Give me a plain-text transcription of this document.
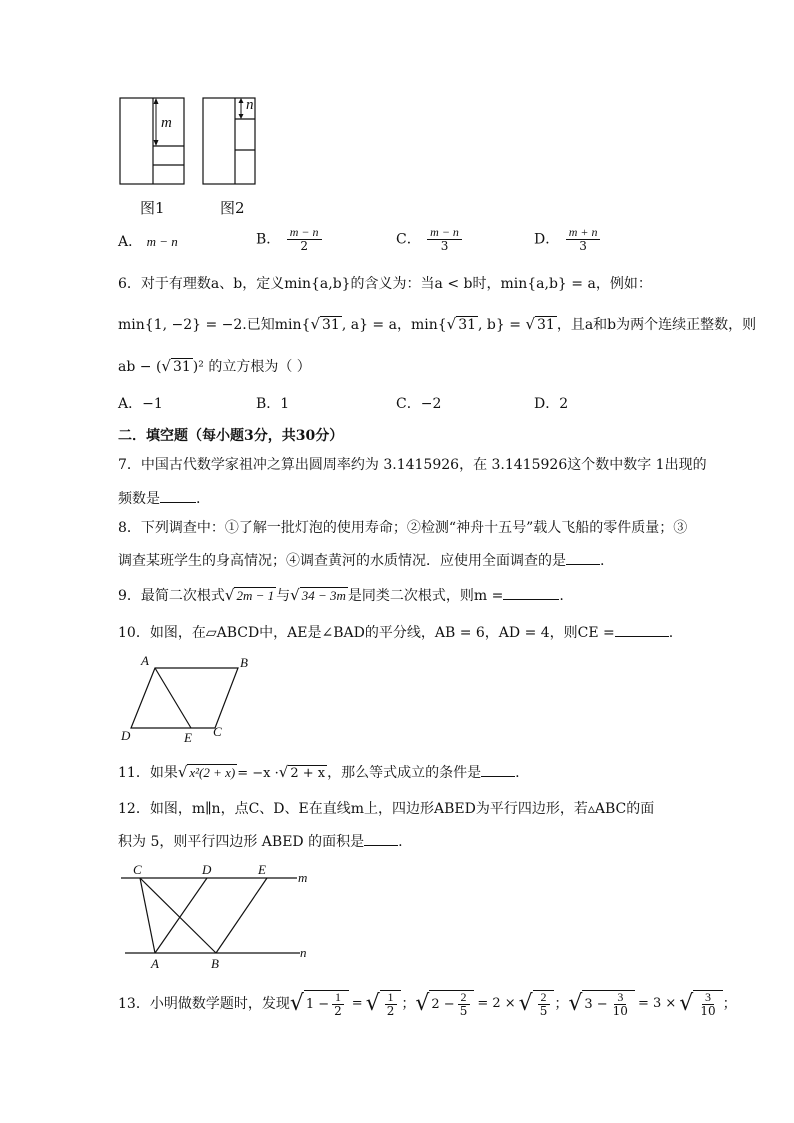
m
n
图1	图2
A． m − n	B． $\frac{m - n}{2}$	C． $\frac{m - n}{3}$	D． $\frac{m + n}{3}$
6．对于有理数a、b，定义min{a,b}的含义为：当a < b时，min{a,b} = a，例如：
min{1, −2} = −2.已知min{√ 31 , a} = a，min{√ 31 , b} = √ 31 ，且a和b为两个连续正整数，则
ab − (√ 31 )² 的立方根为（ ）
A．−1	B．1	C．−2	D．2
二．填空题（每小题3分，共30分）
7．中国古代数学家祖冲之算出圆周率约为 3.1415926，在 3.1415926这个数中数字 1出现的
频数是	.
8．下列调查中：①了解一批灯泡的使用寿命；②检测“神舟十五号”载人飞船的零件质量；③
调查某班学生的身高情况；④调查黄河的水质情况．应使用全面调查的是 .
9．最简二次根式√ 2m − 1 与√ 34 − 3m 是同类二次根式，则m =	.
10．如图，在▱ABCD中，AE是∠BAD的平分线，AB = 6，AD = 4，则CE =	.
A	B
C
D	E
11．如果√ x²(2 + x) = −x ·√ 2 + x ，那么等式成立的条件是 .
12．如图，m∥n，点C、D、E在直线m上，四边形ABED为平行四边形，若▵ABC的面
积为 5，则平行四边形 ABED 的面积是 .
C	D	E
m
n
A	B
13．小明做数学题时，发现 √ $1 - \frac{1}{2}$ = √ $\frac{1}{2}$ ； √ $2 - \frac{2}{5} = 2$ × √ $\frac{2}{5}$ ； √ $3 - \frac{3}{10} = 3$ × √ $\frac{3}{10}$ ；
